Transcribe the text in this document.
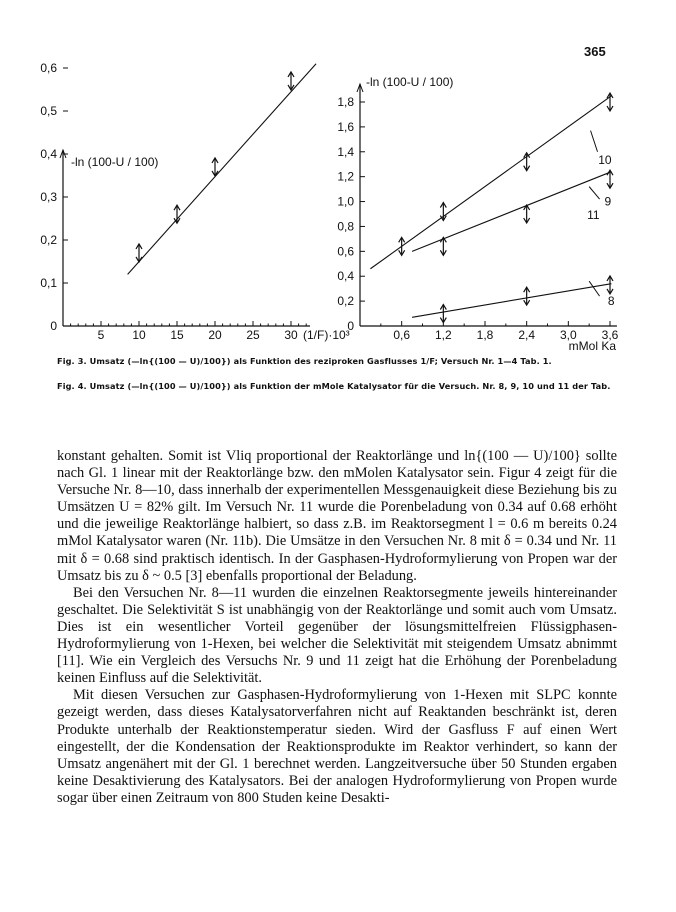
365
0
0,1
0,2
0,3
0,4
0,5
0,6
5 10 15 20 25 30 (1/F)·10³
-ln (100-U / 100)
0
0,2
0,4
0,6
0,8
1,0
1,2
1,4
1,6
1,8
0,6 1,2 1,8 2,4 3,0 3,6
mMol Ka
-ln (100-U / 100)
10
9
11
8
Fig. 3. Umsatz (—ln{(100 — U)/100}) als Funktion des reziproken Gasflusses 1/F; Versuch Nr. 1—4 Tab. 1.
Fig. 4. Umsatz (—ln{(100 — U)/100}) als Funktion der mMole Katalysator für die Versuch. Nr. 8, 9, 10 und 11 der Tab.

konstant gehalten. Somit ist Vliq proportional der Reaktorlänge und ln{(100 — U)/100} sollte nach Gl. 1 linear mit der Reaktorlänge bzw. den mMolen Katalysator sein. Figur 4 zeigt für die Versuche Nr. 8—10, dass innerhalb der experimentellen Messgenauigkeit diese Beziehung bis zu Umsätzen U = 82% gilt. Im Versuch Nr. 11 wurde die Porenbeladung von 0.34 auf 0.68 erhöht und die jeweilige Reaktorlänge halbiert, so dass z.B. im Reaktorsegment l = 0.6 m bereits 0.24 mMol Katalysator waren (Nr. 11b). Die Umsätze in den Versuchen Nr. 8 mit δ = 0.34 und Nr. 11 mit δ = 0.68 sind praktisch identisch. In der Gasphasen-Hydroformylierung von Propen war der Umsatz bis zu δ ~ 0.5 [3] ebenfalls proportional der Beladung.

Bei den Versuchen Nr. 8—11 wurden die einzelnen Reaktorsegmente jeweils hintereinander geschaltet. Die Selektivität S ist unabhängig von der Reaktorlänge und somit auch vom Umsatz. Dies ist ein wesentlicher Vorteil gegenüber der lösungsmittelfreien Flüssigphasen-Hydroformylierung von 1-Hexen, bei welcher die Selektivität mit steigendem Umsatz abnimmt [11]. Wie ein Vergleich des Versuchs Nr. 9 und 11 zeigt hat die Erhöhung der Porenbeladung keinen Einfluss auf die Selektivität.

Mit diesen Versuchen zur Gasphasen-Hydroformylierung von 1-Hexen mit SLPC konnte gezeigt werden, dass dieses Katalysatorverfahren nicht auf Reaktanden beschränkt ist, deren Produkte unterhalb der Reaktionstemperatur sieden. Wird der Gasfluss F auf einen Wert eingestellt, der die Kondensation der Reaktionsprodukte im Reaktor verhindert, so kann der Umsatz angenähert mit der Gl. 1 berechnet werden. Langzeitversuche über 50 Stunden ergaben keine Desaktivierung des Katalysators. Bei der analogen Hydroformylierung von Propen wurde sogar über einen Zeitraum von 800 Studen keine Desakti-
